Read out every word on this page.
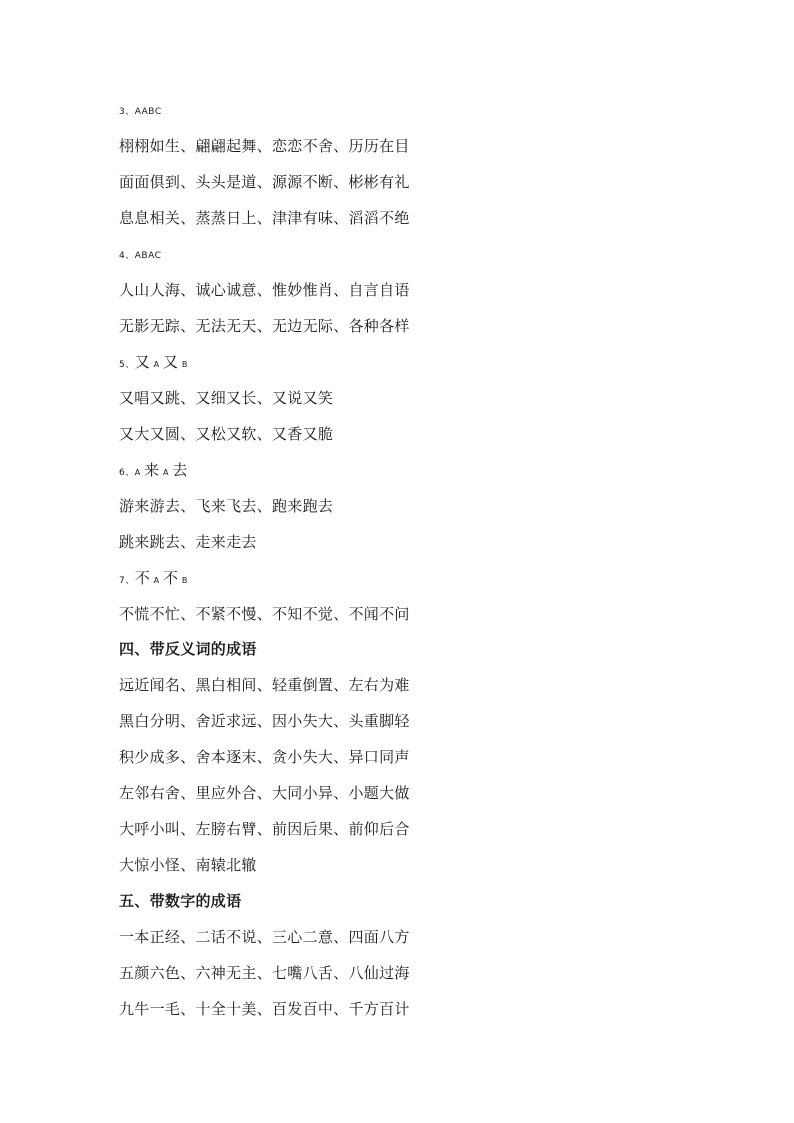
3、AABC
栩栩如生、翩翩起舞、恋恋不舍、历历在目
面面俱到、头头是道、源源不断、彬彬有礼
息息相关、蒸蒸日上、津津有味、滔滔不绝
4、ABAC
人山人海、诚心诚意、惟妙惟肖、自言自语
无影无踪、无法无天、无边无际、各种各样
5、又 A 又 B
又唱又跳、又细又长、又说又笑
又大又圆、又松又软、又香又脆
6、A 来 A 去
游来游去、飞来飞去、跑来跑去
跳来跳去、走来走去
7、不 A 不 B
不慌不忙、不紧不慢、不知不觉、不闻不问
四、带反义词的成语
远近闻名、黑白相间、轻重倒置、左右为难
黑白分明、舍近求远、因小失大、头重脚轻
积少成多、舍本逐末、贪小失大、异口同声
左邻右舍、里应外合、大同小异、小题大做
大呼小叫、左膀右臂、前因后果、前仰后合
大惊小怪、南辕北辙
五、带数字的成语
一本正经、二话不说、三心二意、四面八方
五颜六色、六神无主、七嘴八舌、八仙过海
九牛一毛、十全十美、百发百中、千方百计
